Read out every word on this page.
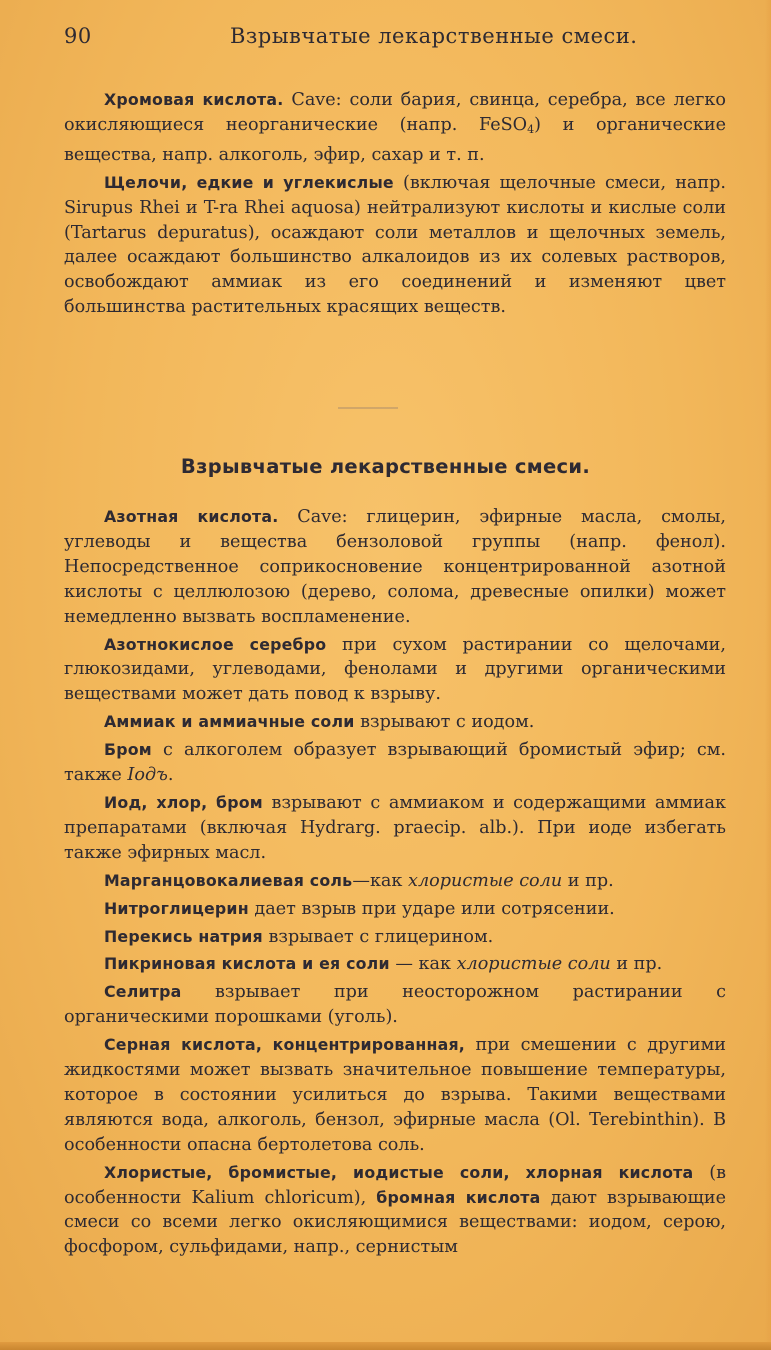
90	Взрывчатые лекарственные смеси.

Хромовая кислота. Cave: соли бария, свинца, серебра, все легко окисляющиеся неорганические (напр. FeSO$_4$) и органические вещества, напр. алкоголь, эфир, сахар и т. п.

Щелочи, едкие и углекислые (включая щелочные смеси, напр. Sirupus Rhei и T-ra Rhei aquosa) нейтрализуют кислоты и кислые соли (Tartarus depuratus), осаждают соли металлов и щелочных земель, далее осаждают большинство алкалоидов из их солевых растворов, освобождают аммиак из его соединений и изменяют цвет большинства растительных красящих веществ.

Взрывчатые лекарственные смеси.

Азотная кислота. Cave: глицерин, эфирные масла, смолы, углеводы и вещества бензоловой группы (напр. фенол). Непосредственное соприкосновение концентрированной азотной кислоты с целлюлозою (дерево, солома, древесные опилки) может немедленно вызвать воспламенение.

Азотнокислое серебро при сухом растирании со щелочами, глюкозидами, углеводами, фенолами и другими органическими веществами может дать повод к взрыву.

Аммиак и аммиачные соли взрывают с иодом.

Бром с алкоголем образует взрывающий бромистый эфир; см. также Іодъ.

Иод, хлор, бром взрывают с аммиаком и содержащими аммиак препаратами (включая Hydrarg. praecip. alb.). При иоде избегать также эфирных масл.

Марганцовокалиевая соль—как хлористые соли и пр.

Нитроглицерин дает взрыв при ударе или сотрясении.

Перекись натрия взрывает с глицерином.

Пикриновая кислота и ея соли — как хлористые соли и пр.

Селитра взрывает при неосторожном растирании с органическими порошками (уголь).

Серная кислота, концентрированная, при смешении с другими жидкостями может вызвать значительное повышение температуры, которое в состоянии усилиться до взрыва. Такими веществами являются вода, алкоголь, бензол, эфирные масла (Ol. Terebinthin). В особенности опасна бертолетова соль.

Хлористые, бромистые, иодистые соли, хлорная кислота (в особенности Kalium chloricum), бромная кислота дают взрывающие смеси со всеми легко окисляющимися веществами: иодом, серою, фосфором, сульфидами, напр., сернистым
